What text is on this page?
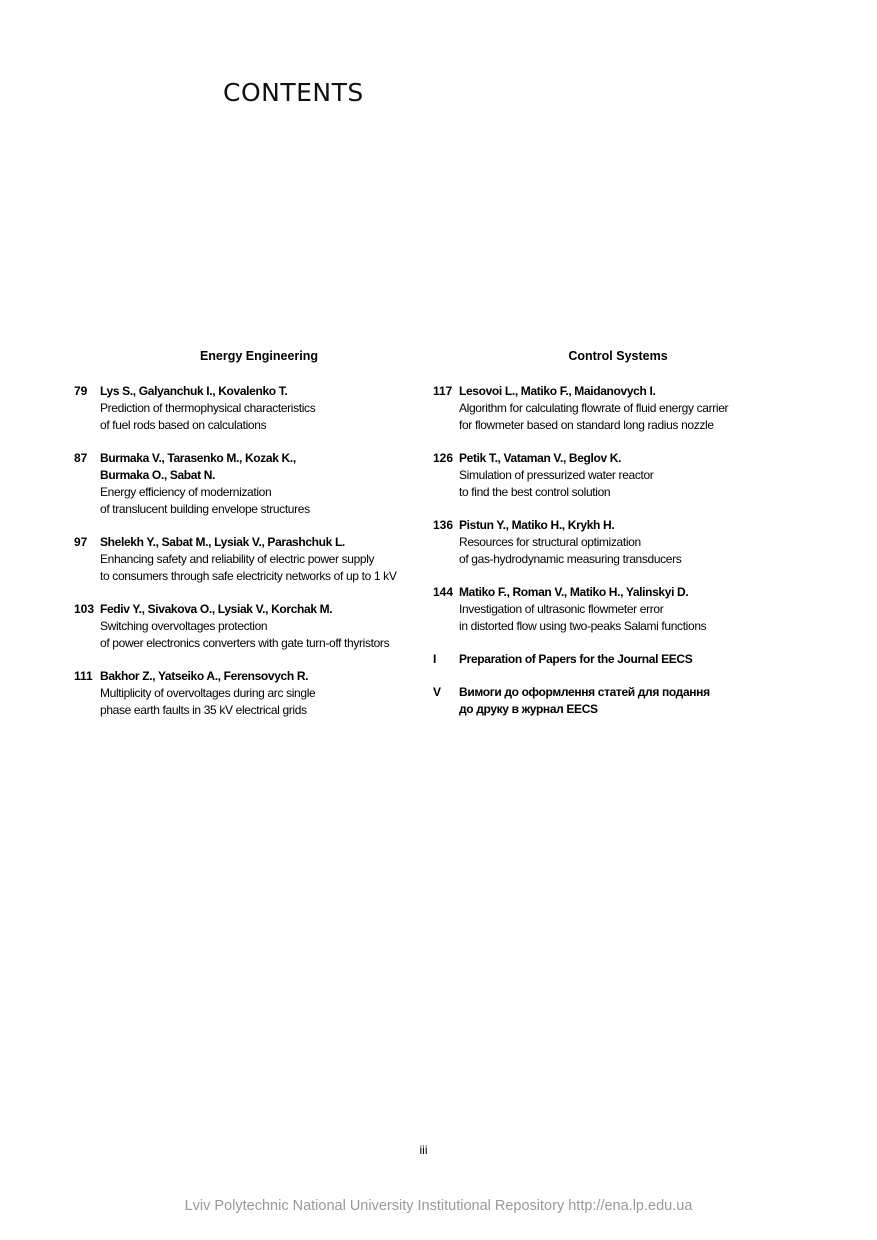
CONTENTS
Energy Engineering
79	Lys S., Galyanchuk I., Kovalenko T.
Prediction of thermophysical characteristics
of fuel rods based on calculations
87	Burmaka V., Tarasenko M., Kozak K.,
Burmaka O., Sabat N.
Energy efficiency of modernization
of translucent building envelope structures
97	Shelekh Y., Sabat M., Lysiak V., Parashchuk L.
Enhancing safety and reliability of electric power supply
to consumers through safe electricity networks of up to 1 kV
103 Fediv Y., Sivakova O., Lysiak V., Korchak M.
Switching overvoltages protection
of power electronics converters with gate turn-off thyristors
111 Bakhor Z., Yatseiko A., Ferensovych R.
Multiplicity of overvoltages during arc single
phase earth faults in 35 kV electrical grids
Control Systems
117 Lesovoi L., Matiko F., Maidanovych I.
Algorithm for calculating flowrate of fluid energy carrier
for flowmeter based on standard long radius nozzle
126 Petik T., Vataman V., Beglov K.
Simulation of pressurized water reactor
to find the best control solution
136 Pistun Y., Matiko H., Krykh H.
Resources for structural optimization
of gas-hydrodynamic measuring transducers
144 Matiko F., Roman V., Matiko H., Yalinskyi D.
Investigation of ultrasonic flowmeter error
in distorted flow using two-peaks Salami functions
I	Preparation of Papers for the Journal EECS
V	Вимоги до оформлення статей для подання
до друку в журнал EECS
iii
Lviv Polytechnic National University Institutional Repository http://ena.lp.edu.ua
